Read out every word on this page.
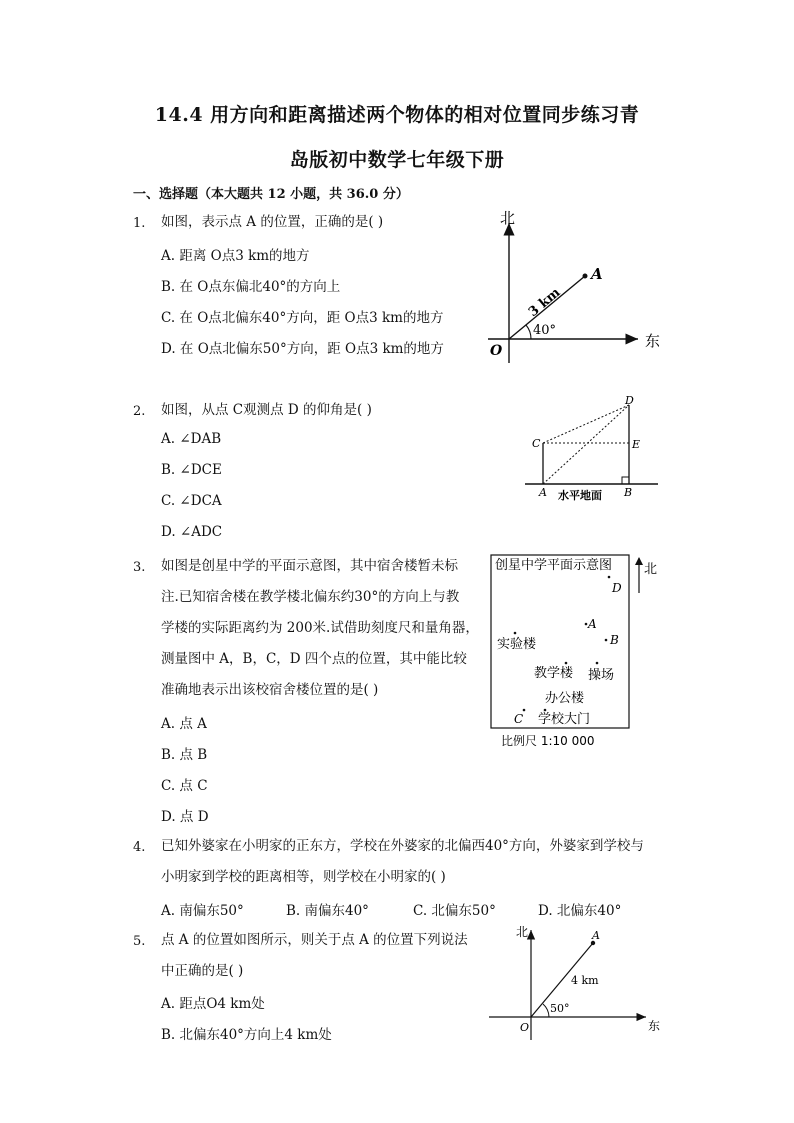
14.4 用方向和距离描述两个物体的相对位置同步练习青
岛版初中数学七年级下册
一、选择题（本大题共 12 小题，共 36.0 分）
1. 如图，表示点 A 的位置，正确的是( )
A. 距离 O点3 km的地方
B. 在 O点东偏北40°的方向上
C. 在 O点北偏东40°方向，距 O点3 km的地方
D. 在 O点北偏东50°方向，距 O点3 km的地方
北
东
O
A
3 km
40°
2. 如图，从点 C观测点 D 的仰角是( )
A. ∠DAB
B. ∠DCE
C. ∠DCA
D. ∠ADC
D
C	E
A	B
水平地面
3. 如图是创星中学的平面示意图，其中宿舍楼暂未标
注.已知宿舍楼在教学楼北偏东约30°的方向上与教
学楼的实际距离约为 200米.试借助刻度尺和量角器，
测量图中 A，B，C，D 四个点的位置，其中能比较
准确地表示出该校宿舍楼位置的是( )
A. 点 A
B. 点 B
C. 点 C
D. 点 D
创星中学平面示意图 北
D
A
B
实验楼
教学楼 操场
办公楼
C 学校大门
比例尺 1:10 000
4. 已知外婆家在小明家的正东方，学校在外婆家的北偏西40°方向，外婆家到学校与
小明家到学校的距离相等，则学校在小明家的( )
A. 南偏东50°	B. 南偏东40°	C. 北偏东50°	D. 北偏东40°
5. 点 A 的位置如图所示，则关于点 A 的位置下列说法
中正确的是( )
A. 距点O4 km处
B. 北偏东40°方向上4 km处
北
东
O
A
4 km
50°
